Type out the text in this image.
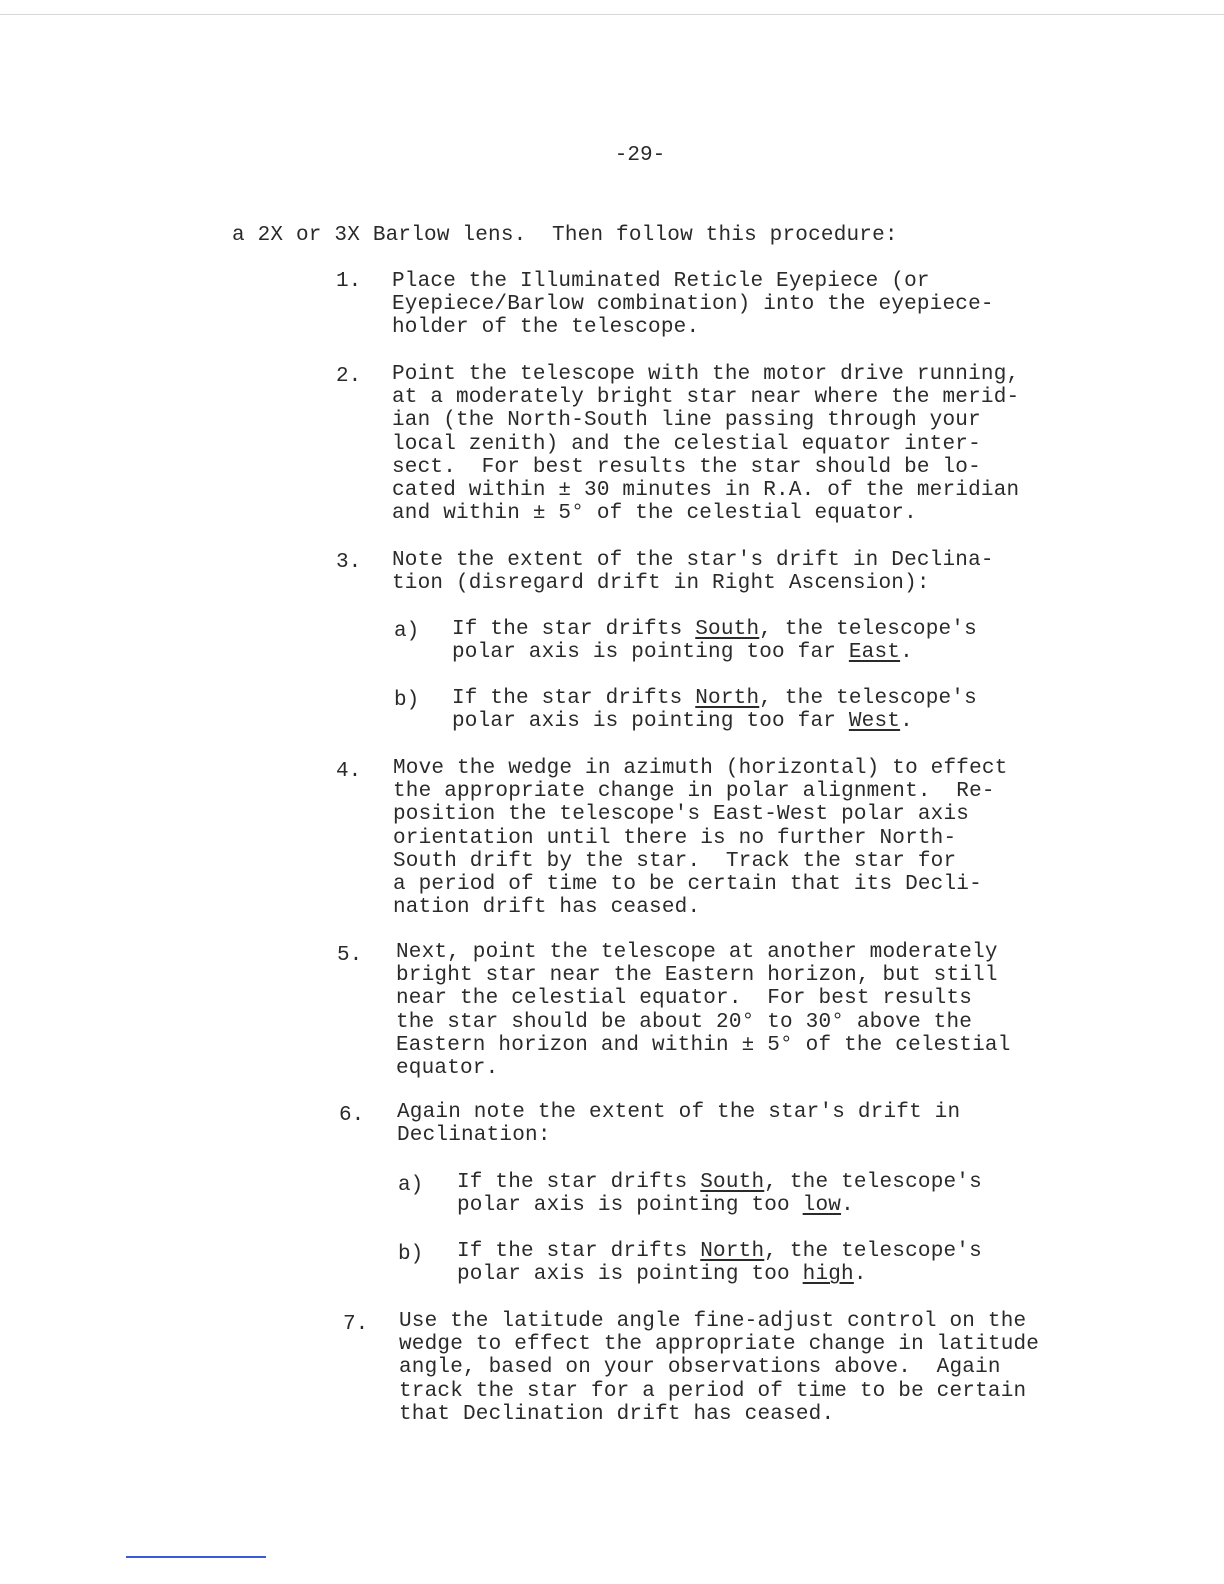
-29-
a 2X or 3X Barlow lens.  Then follow this procedure:
1. Place the Illuminated Reticle Eyepiece (or
Eyepiece/Barlow combination) into the eyepiece-
holder of the telescope.
2. Point the telescope with the motor drive running,
at a moderately bright star near where the merid-
ian (the North-South line passing through your
local zenith) and the celestial equator inter-
sect.  For best results the star should be lo-
cated within ± 30 minutes in R.A. of the meridian
and within ± 5° of the celestial equator.
3. Note the extent of the star's drift in Declina-
tion (disregard drift in Right Ascension):
a) If the star drifts South, the telescope's
polar axis is pointing too far East.
b) If the star drifts North, the telescope's
polar axis is pointing too far West.
4. Move the wedge in azimuth (horizontal) to effect
the appropriate change in polar alignment.  Re-
position the telescope's East-West polar axis
orientation until there is no further North-
South drift by the star.  Track the star for
a period of time to be certain that its Decli-
nation drift has ceased.
5. Next, point the telescope at another moderately
bright star near the Eastern horizon, but still
near the celestial equator.  For best results
the star should be about 20° to 30° above the
Eastern horizon and within ± 5° of the celestial
equator.
6. Again note the extent of the star's drift in
Declination:
a) If the star drifts South, the telescope's
polar axis is pointing too low.
b) If the star drifts North, the telescope's
polar axis is pointing too high.
7. Use the latitude angle fine-adjust control on the
wedge to effect the appropriate change in latitude
angle, based on your observations above.  Again
track the star for a period of time to be certain
that Declination drift has ceased.
